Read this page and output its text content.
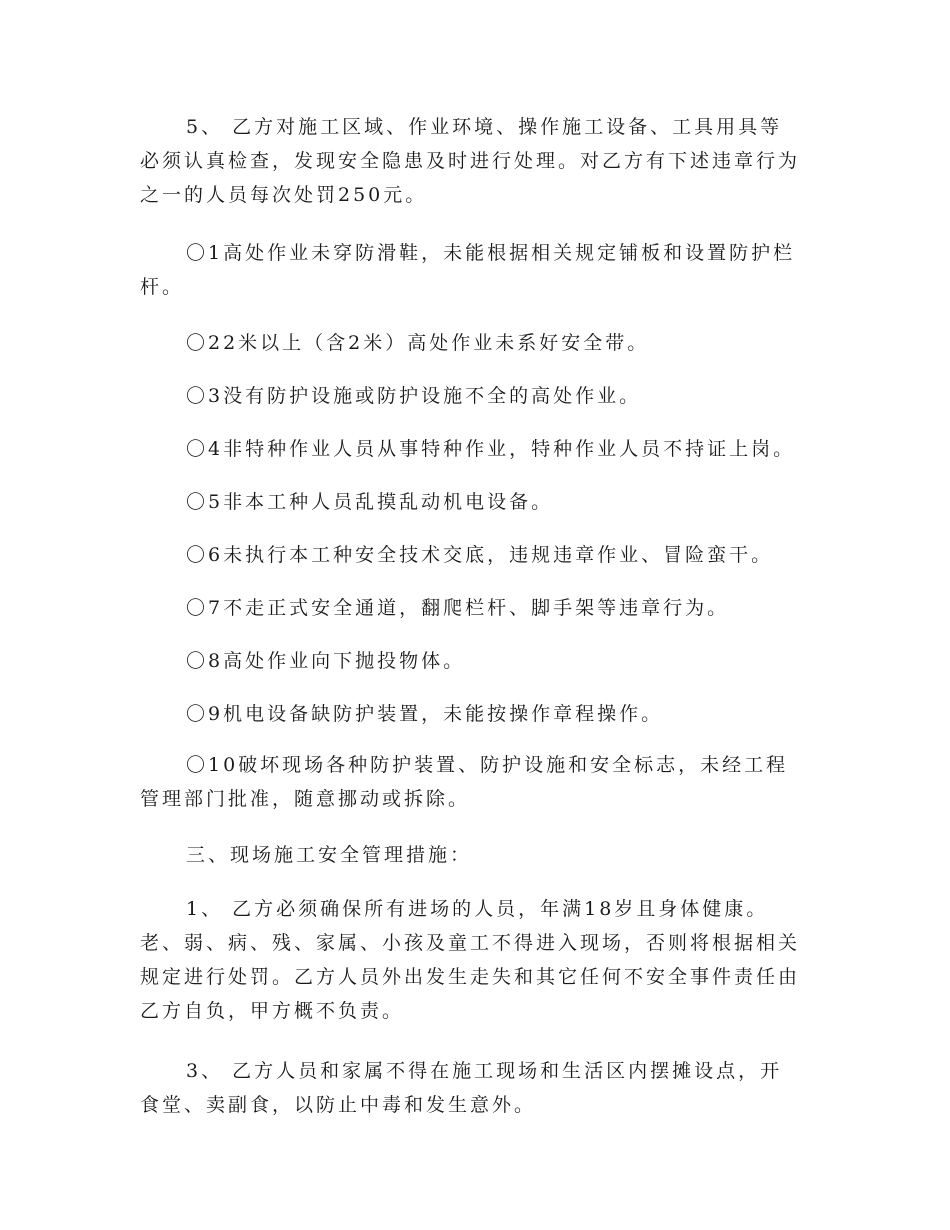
5、 乙方对施工区域、作业环境、操作施工设备、工具用具等必须认真检查，发现安全隐患及时进行处理。对乙方有下述违章行为之一的人员每次处罚250元。

〇1高处作业未穿防滑鞋，未能根据相关规定铺板和设置防护栏杆。

〇22米以上（含2米）高处作业未系好安全带。

〇3没有防护设施或防护设施不全的高处作业。

〇4非特种作业人员从事特种作业，特种作业人员不持证上岗。

〇5非本工种人员乱摸乱动机电设备。

〇6未执行本工种安全技术交底，违规违章作业、冒险蛮干。

〇7不走正式安全通道，翻爬栏杆、脚手架等违章行为。

〇8高处作业向下抛投物体。

〇9机电设备缺防护装置，未能按操作章程操作。

〇10破坏现场各种防护装置、防护设施和安全标志，未经工程管理部门批准，随意挪动或拆除。

三、现场施工安全管理措施：

1、 乙方必须确保所有进场的人员，年满18岁且身体健康。老、弱、病、残、家属、小孩及童工不得进入现场，否则将根据相关规定进行处罚。乙方人员外出发生走失和其它任何不安全事件责任由乙方自负，甲方概不负责。

3、 乙方人员和家属不得在施工现场和生活区内摆摊设点，开食堂、卖副食，以防止中毒和发生意外。
